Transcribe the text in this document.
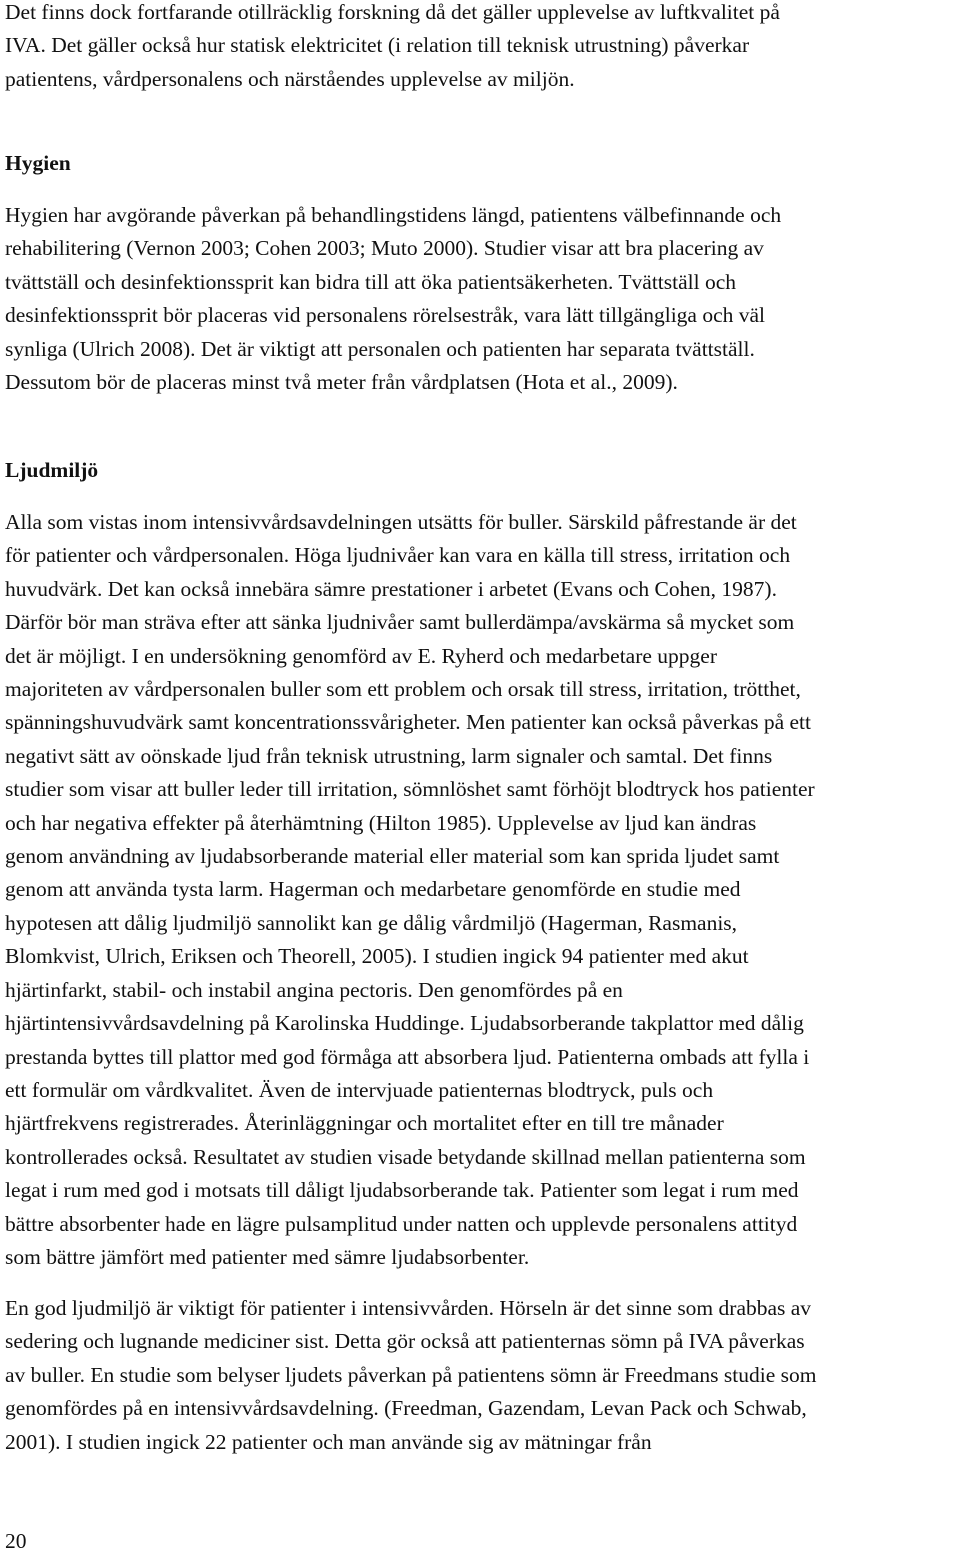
Det finns dock fortfarande otillräcklig forskning då det gäller upplevelse av luftkvalitet på
IVA. Det gäller också hur statisk elektricitet (i relation till teknisk utrustning) påverkar
patientens, vårdpersonalens och närståendes upplevelse av miljön.
Hygien
Hygien har avgörande påverkan på behandlingstidens längd, patientens välbefinnande och
rehabilitering (Vernon 2003; Cohen 2003; Muto 2000). Studier visar att bra placering av
tvättställ och desinfektionssprit kan bidra till att öka patientsäkerheten. Tvättställ och
desinfektionssprit bör placeras vid personalens rörelsestråk, vara lätt tillgängliga och väl
synliga (Ulrich 2008). Det är viktigt att personalen och patienten har separata tvättställ.
Dessutom bör de placeras minst två meter från vårdplatsen (Hota et al., 2009).
Ljudmiljö
Alla som vistas inom intensivvårdsavdelningen utsätts för buller. Särskild påfrestande är det
för patienter och vårdpersonalen. Höga ljudnivåer kan vara en källa till stress, irritation och
huvudvärk. Det kan också innebära sämre prestationer i arbetet (Evans och Cohen, 1987).
Därför bör man sträva efter att sänka ljudnivåer samt bullerdämpa/avskärma så mycket som
det är möjligt. I en undersökning genomförd av E. Ryherd och medarbetare uppger
majoriteten av vårdpersonalen buller som ett problem och orsak till stress, irritation, trötthet,
spänningshuvudvärk samt koncentrationssvårigheter. Men patienter kan också påverkas på ett
negativt sätt av oönskade ljud från teknisk utrustning, larm signaler och samtal. Det finns
studier som visar att buller leder till irritation, sömnlöshet samt förhöjt blodtryck hos patienter
och har negativa effekter på återhämtning (Hilton 1985). Upplevelse av ljud kan ändras
genom användning av ljudabsorberande material eller material som kan sprida ljudet samt
genom att använda tysta larm. Hagerman och medarbetare genomförde en studie med
hypotesen att dålig ljudmiljö sannolikt kan ge dålig vårdmiljö (Hagerman, Rasmanis,
Blomkvist, Ulrich, Eriksen och Theorell, 2005). I studien ingick 94 patienter med akut
hjärtinfarkt, stabil- och instabil angina pectoris. Den genomfördes på en
hjärtintensivvårdsavdelning på Karolinska Huddinge. Ljudabsorberande takplattor med dålig
prestanda byttes till plattor med god förmåga att absorbera ljud. Patienterna ombads att fylla i
ett formulär om vårdkvalitet. Även de intervjuade patienternas blodtryck, puls och
hjärtfrekvens registrerades. Återinläggningar och mortalitet efter en till tre månader
kontrollerades också. Resultatet av studien visade betydande skillnad mellan patienterna som
legat i rum med god i motsats till dåligt ljudabsorberande tak. Patienter som legat i rum med
bättre absorbenter hade en lägre pulsamplitud under natten och upplevde personalens attityd
som bättre jämfört med patienter med sämre ljudabsorbenter.
En god ljudmiljö är viktigt för patienter i intensivvården. Hörseln är det sinne som drabbas av
sedering och lugnande mediciner sist. Detta gör också att patienternas sömn på IVA påverkas
av buller. En studie som belyser ljudets påverkan på patientens sömn är Freedmans studie som
genomfördes på en intensivvårdsavdelning. (Freedman, Gazendam, Levan Pack och Schwab,
2001). I studien ingick 22 patienter och man använde sig av mätningar från
20
